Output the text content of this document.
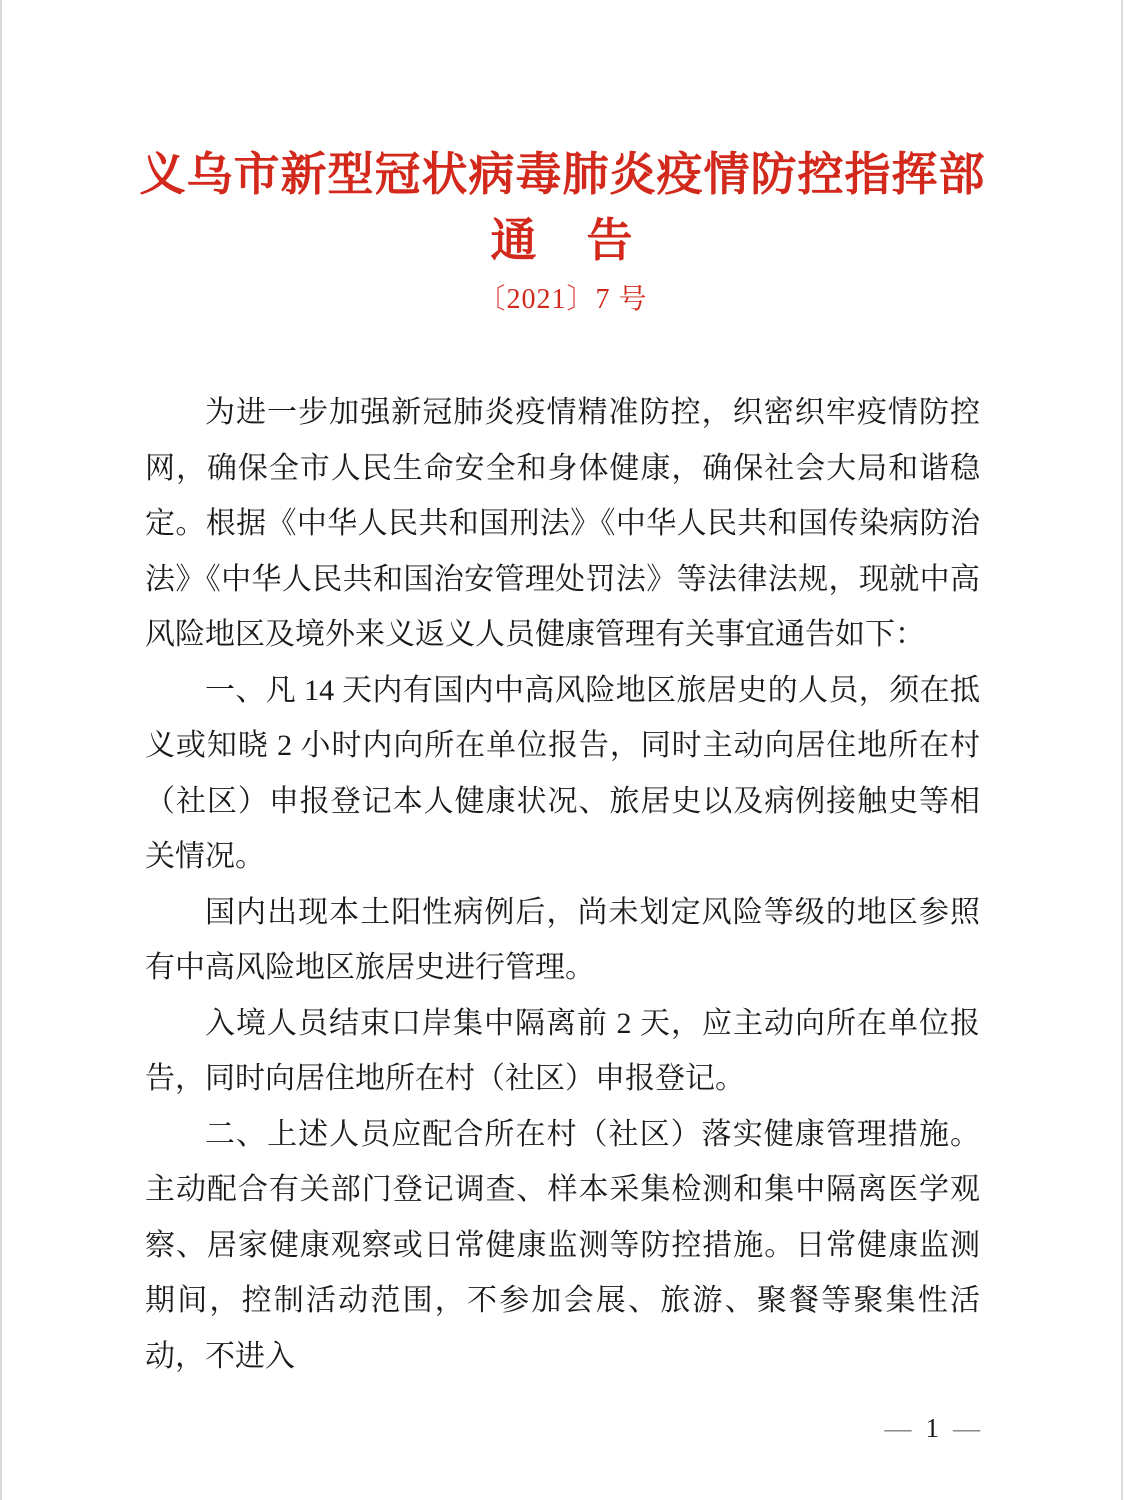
义乌市新型冠状病毒肺炎疫情防控指挥部
通　告
〔2021〕7 号

为进一步加强新冠肺炎疫情精准防控，织密织牢疫情防控网，确保全市人民生命安全和身体健康，确保社会大局和谐稳定。根据《中华人民共和国刑法》《中华人民共和国传染病防治法》《中华人民共和国治安管理处罚法》等法律法规，现就中高风险地区及境外来义返义人员健康管理有关事宜通告如下：

一、凡 14 天内有国内中高风险地区旅居史的人员，须在抵义或知晓 2 小时内向所在单位报告，同时主动向居住地所在村（社区）申报登记本人健康状况、旅居史以及病例接触史等相关情况。

国内出现本土阳性病例后，尚未划定风险等级的地区参照有中高风险地区旅居史进行管理。

入境人员结束口岸集中隔离前 2 天，应主动向所在单位报告，同时向居住地所在村（社区）申报登记。

二、上述人员应配合所在村（社区）落实健康管理措施。主动配合有关部门登记调查、样本采集检测和集中隔离医学观察、居家健康观察或日常健康监测等防控措施。日常健康监测期间，控制活动范围，不参加会展、旅游、聚餐等聚集性活动，不进入

— 1 —
